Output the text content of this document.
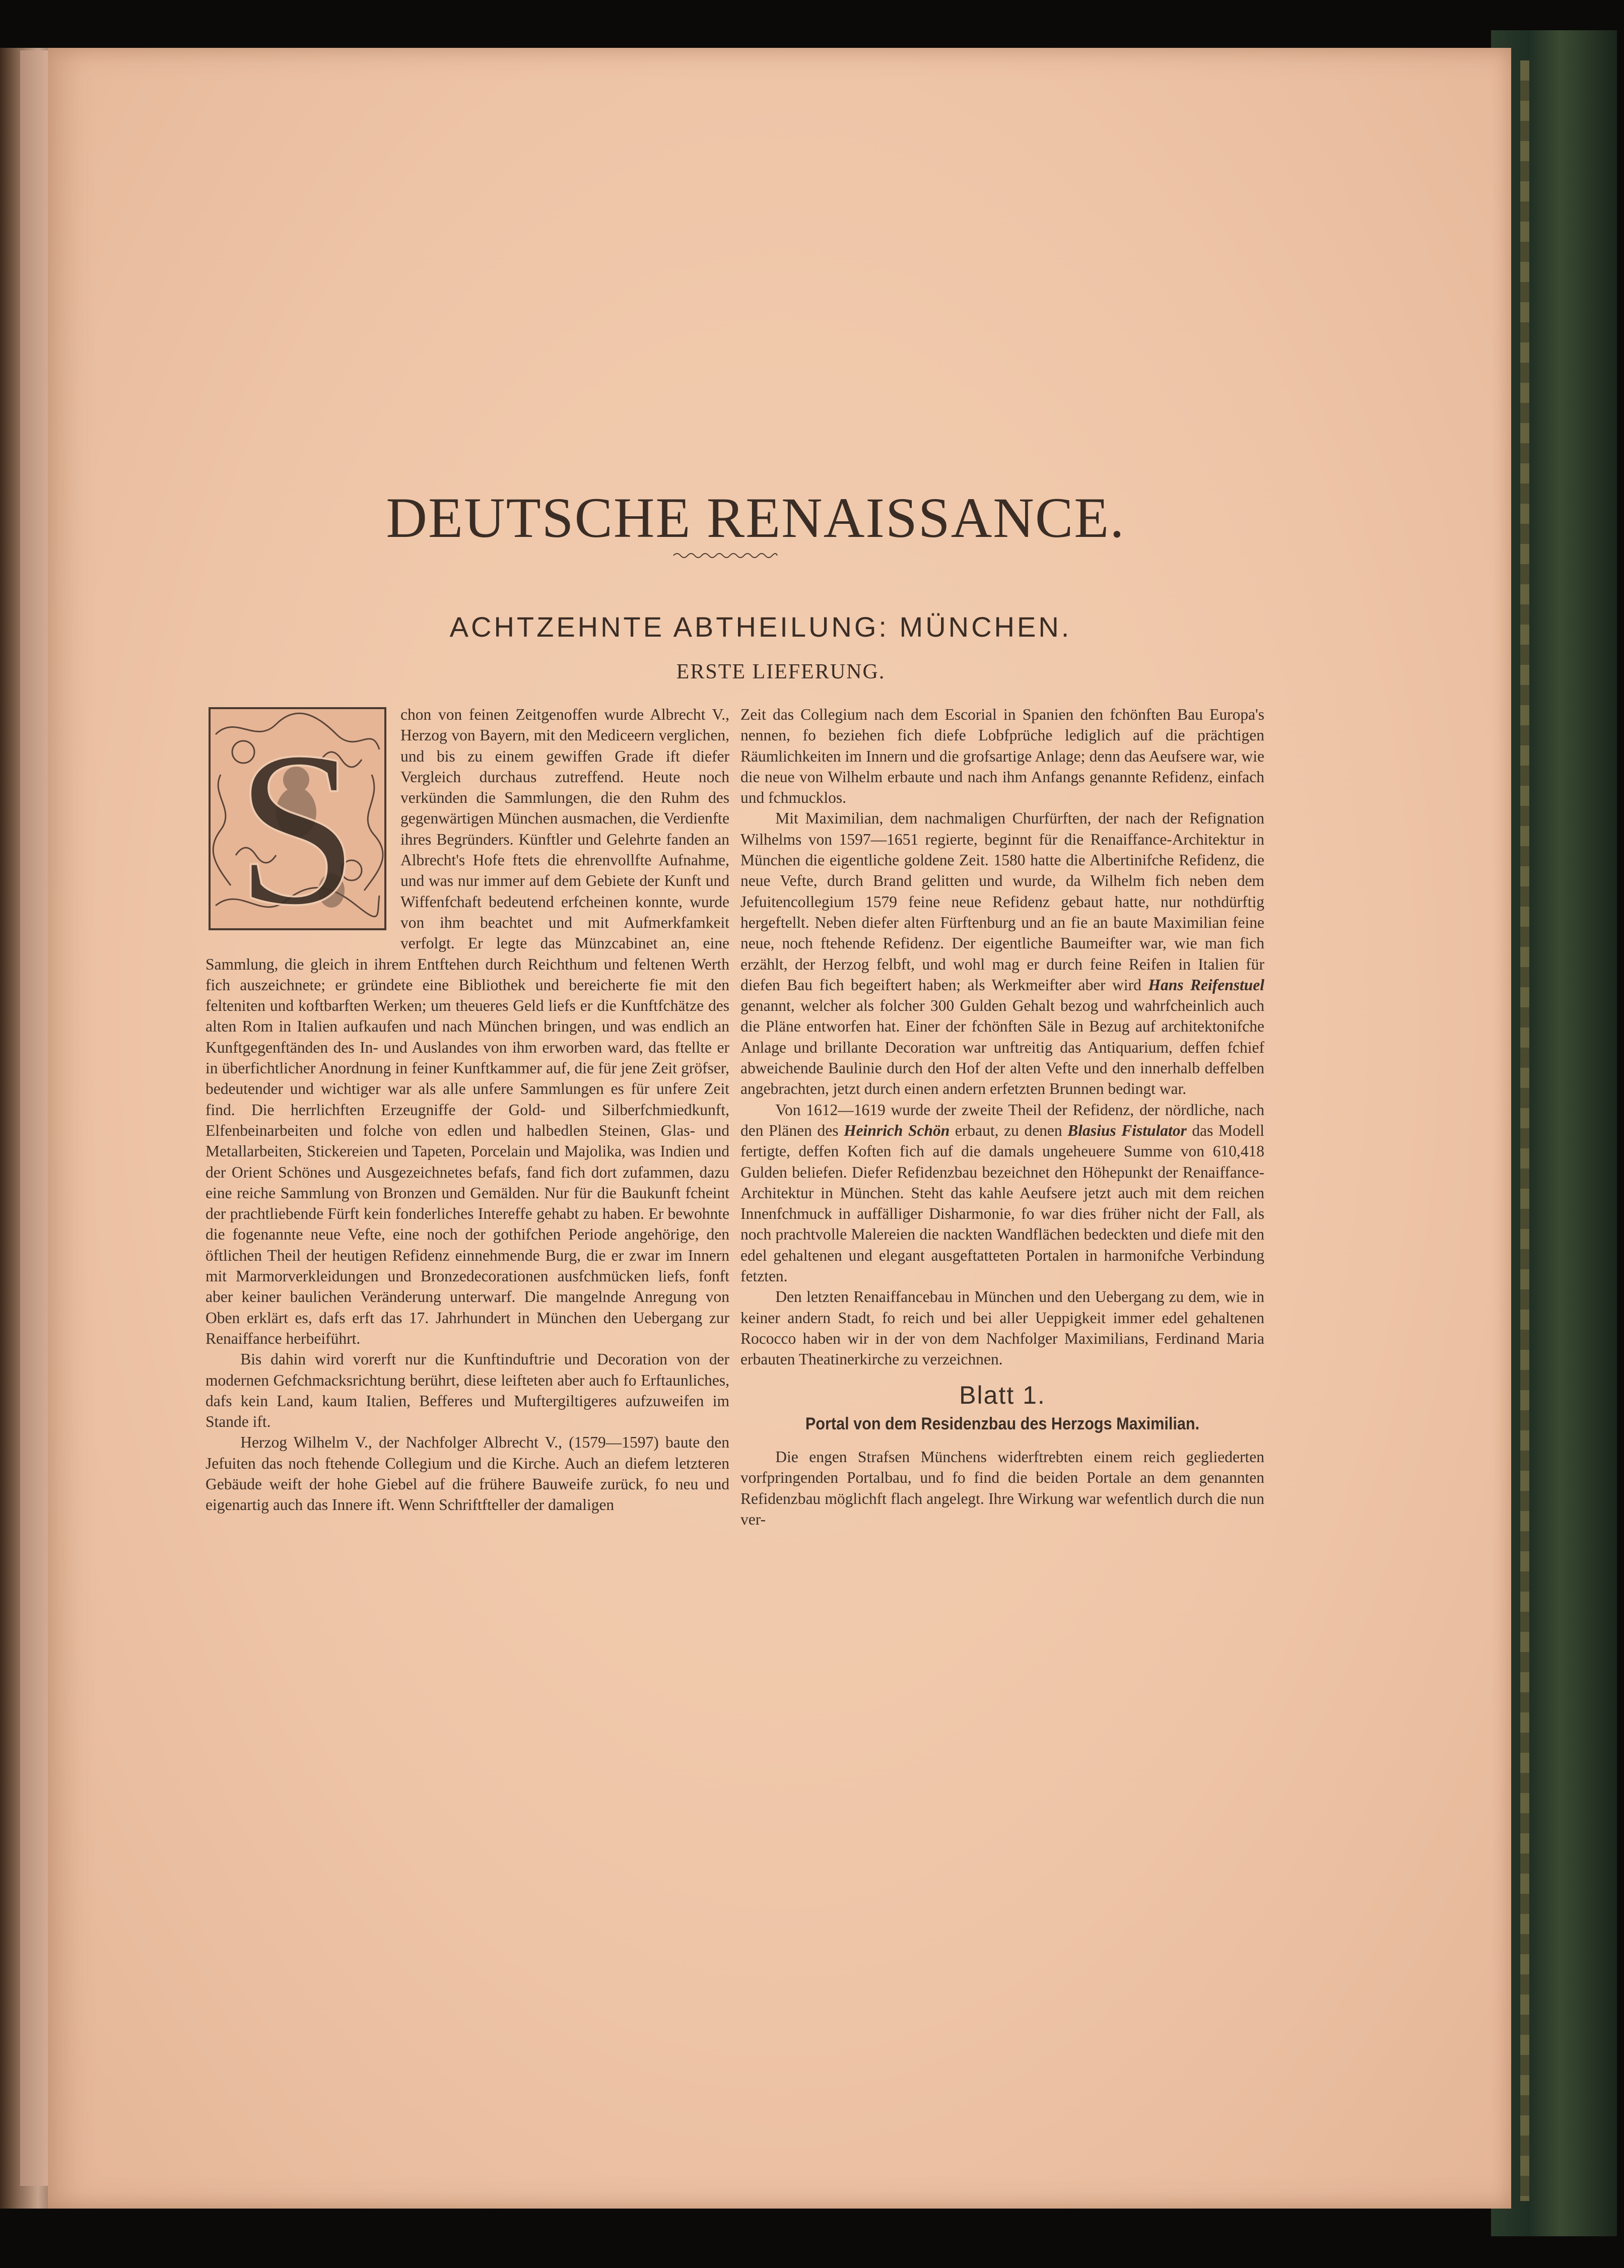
DEUTSCHE RENAISSANCE.
ACHTZEHNTE ABTHEILUNG: MÜNCHEN.
ERSTE LIEFERUNG.
S	chon von feinen Zeitgenoffen wurde Albrecht V., Herzog von Bayern, mit den Mediceern verglichen, und bis zu einem gewiffen Grade ift diefer Vergleich durchaus zutreffend. Heute noch verkünden die Sammlungen, die den Ruhm des gegenwärtigen München ausmachen, die Verdienfte ihres Begründers. Künftler und Gelehrte fanden an Albrecht's Hofe ftets die ehrenvollfte Aufnahme, und was nur immer auf dem Gebiete der Kunft und Wiffenfchaft bedeutend erfcheinen konnte, wurde von ihm beachtet und mit Aufmerkfamkeit verfolgt. Er legte das Münzcabinet an, eine Sammlung, die gleich in ihrem Entftehen durch Reichthum und feltenen Werth fich auszeichnete; er gründete eine Bibliothek und bereicherte fie mit den felteniten und koftbarften Werken; um theueres Geld liefs er die Kunftfchätze des alten Rom in Italien aufkaufen und nach München bringen, und was endlich an Kunftgegenftänden des In- und Auslandes von ihm erworben ward, das ftellte er in überfichtlicher Anordnung in feiner Kunftkammer auf, die für jene Zeit gröfser, bedeutender und wichtiger war als alle unfere Sammlungen es für unfere Zeit find. Die herrlichften Erzeugniffe der Gold- und Silberfchmiedkunft, Elfenbeinarbeiten und folche von edlen und halbedlen Steinen, Glas- und Metallarbeiten, Stickereien und Tapeten, Porcelain und Majolika, was Indien und der Orient Schönes und Ausgezeichnetes befafs, fand fich dort zufammen, dazu eine reiche Sammlung von Bronzen und Gemälden. Nur für die Baukunft fcheint der prachtliebende Fürft kein fonderliches Intereffe gehabt zu haben. Er bewohnte die fogenannte neue Vefte, eine noch der gothifchen Periode angehörige, den öftlichen Theil der heutigen Refidenz einnehmende Burg, die er zwar im Innern mit Marmorverkleidungen und Bronzedecorationen ausfchmücken liefs, fonft aber keiner baulichen Veränderung unterwarf. Die mangelnde Anregung von Oben erklärt es, dafs erft das 17. Jahrhundert in München den Uebergang zur Renaiffance herbeiführt.

Bis dahin wird vorerft nur die Kunftinduftrie und Decoration von der modernen Gefchmacksrichtung berührt, diese leifteten aber auch fo Erftaunliches, dafs kein Land, kaum Italien, Befferes und Muftergiltigeres aufzuweifen im Stande ift.

Herzog Wilhelm V., der Nachfolger Albrecht V., (1579—1597) baute den Jefuiten das noch ftehende Collegium und die Kirche. Auch an diefem letzteren Gebäude weift der hohe Giebel auf die frühere Bauweife zurück, fo neu und eigenartig auch das Innere ift. Wenn Schriftfteller der damaligen

Zeit das Collegium nach dem Escorial in Spanien den fchönften Bau Europa's nennen, fo beziehen fich diefe Lobfprüche lediglich auf die prächtigen Räumlichkeiten im Innern und die grofsartige Anlage; denn das Aeufsere war, wie die neue von Wilhelm erbaute und nach ihm Anfangs genannte Refidenz, einfach und fchmucklos.

Mit Maximilian, dem nachmaligen Churfürften, der nach der Refignation Wilhelms von 1597—1651 regierte, beginnt für die Renaiffance-Architektur in München die eigentliche goldene Zeit. 1580 hatte die Albertinifche Refidenz, die neue Vefte, durch Brand gelitten und wurde, da Wilhelm fich neben dem Jefuitencollegium 1579 feine neue Refidenz gebaut hatte, nur nothdürftig hergeftellt. Neben diefer alten Fürftenburg und an fie an baute Maximilian feine neue, noch ftehende Refidenz. Der eigentliche Baumeifter war, wie man fich erzählt, der Herzog felbft, und wohl mag er durch feine Reifen in Italien für diefen Bau fich begeiftert haben; als Werkmeifter aber wird Hans Reifenstuel genannt, welcher als folcher 300 Gulden Gehalt bezog und wahrfcheinlich auch die Pläne entworfen hat. Einer der fchönften Säle in Bezug auf architektonifche Anlage und brillante Decoration war unftreitig das Antiquarium, deffen fchief abweichende Baulinie durch den Hof der alten Vefte und den innerhalb deffelben angebrachten, jetzt durch einen andern erfetzten Brunnen bedingt war.

Von 1612—1619 wurde der zweite Theil der Refidenz, der nördliche, nach den Plänen des Heinrich Schön erbaut, zu denen Blasius Fistulator das Modell fertigte, deffen Koften fich auf die damals ungeheuere Summe von 610,418 Gulden beliefen. Diefer Refidenzbau bezeichnet den Höhepunkt der Renaiffance-Architektur in München. Steht das kahle Aeufsere jetzt auch mit dem reichen Innenfchmuck in auffälliger Disharmonie, fo war dies früher nicht der Fall, als noch prachtvolle Malereien die nackten Wandflächen bedeckten und diefe mit den edel gehaltenen und elegant ausgeftatteten Portalen in harmonifche Verbindung fetzten.

Den letzten Renaiffancebau in München und den Uebergang zu dem, wie in keiner andern Stadt, fo reich und bei aller Ueppigkeit immer edel gehaltenen Rococco haben wir in der von dem Nachfolger Maximilians, Ferdinand Maria erbauten Theatinerkirche zu verzeichnen.

Blatt 1.
Portal von dem Residenzbau des Herzogs Maximilian.

Die engen Strafsen Münchens widerftrebten einem reich gegliederten vorfpringenden Portalbau, und fo find die beiden Portale an dem genannten Refidenzbau möglichft flach angelegt. Ihre Wirkung war wefentlich durch die nun ver-
